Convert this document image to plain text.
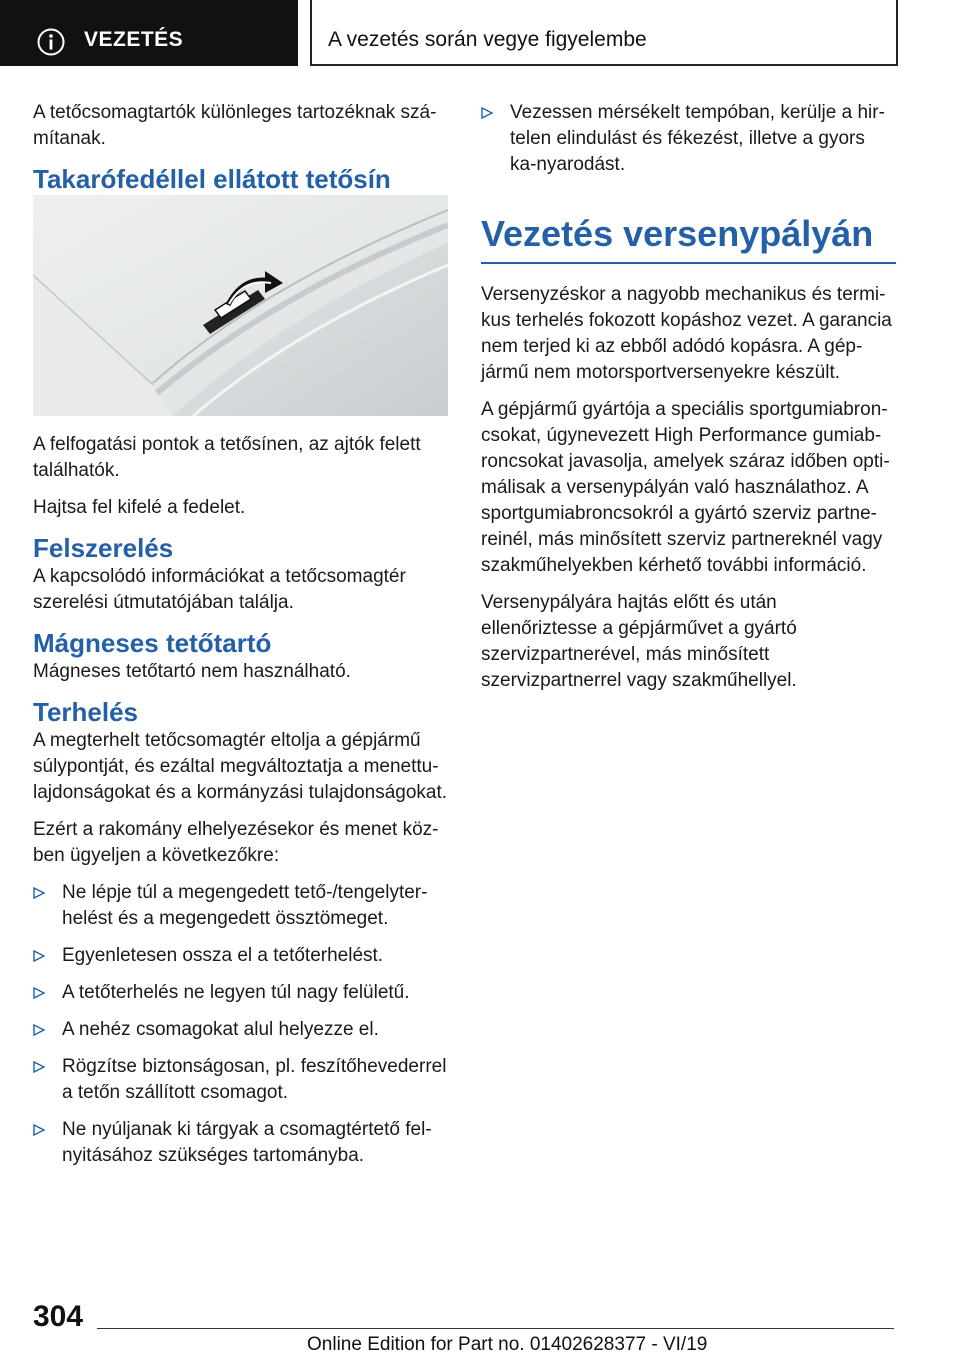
VEZETÉS	A vezetés során vegye figyelembe

A tetőcsomagtartók különleges tartozéknak szá-mítanak.

Takarófedéllel ellátott tetősín

A felfogatási pontok a tetősínen, az ajtók felett találhatók.

Hajtsa fel kifelé a fedelet.

Felszerelés

A kapcsolódó információkat a tetőcsomagtér szerelési útmutatójában találja.

Mágneses tetőtartó

Mágneses tetőtartó nem használható.

Terhelés

A megterhelt tetőcsomagtér eltolja a gépjármű súlypontját, és ezáltal megváltoztatja a menettu-lajdonságokat és a kormányzási tulajdonságokat.

Ezért a rakomány elhelyezésekor és menet köz-ben ügyeljen a következőkre:

Ne lépje túl a megengedett tető-/tengelyter-helést és a megengedett össztömeget.
Egyenletesen ossza el a tetőterhelést.
A tetőterhelés ne legyen túl nagy felületű.
A nehéz csomagokat alul helyezze el.
Rögzítse biztonságosan, pl. feszítőhevederrel a tetőn szállított csomagot.
Ne nyúljanak ki tárgyak a csomagtértető fel-nyitásához szükséges tartományba.
Vezessen mérsékelt tempóban, kerülje a hir-telen elindulást és fékezést, illetve a gyors ka-nyarodást.
Vezetés versenypályán

Versenyzéskor a nagyobb mechanikus és termi-kus terhelés fokozott kopáshoz vezet. A garancia nem terjed ki az ebből adódó kopásra. A gép-jármű nem motorsportversenyekre készült.

A gépjármű gyártója a speciális sportgumiabron-csokat, úgynevezett High Performance gumiab-roncsokat javasolja, amelyek száraz időben opti-málisak a versenypályán való használathoz. A sportgumiabroncsokról a gyártó szerviz partne-reinél, más minősített szerviz partnereknél vagy szakműhelyekben kérhető további információ.

Versenypályára hajtás előtt és után ellenőriztesse a gépjárművet a gyártó szervizpartnerével, más minősített szervizpartnerrel vagy szakműhellyel.

304
Online Edition for Part no. 01402628377 - VI/19
